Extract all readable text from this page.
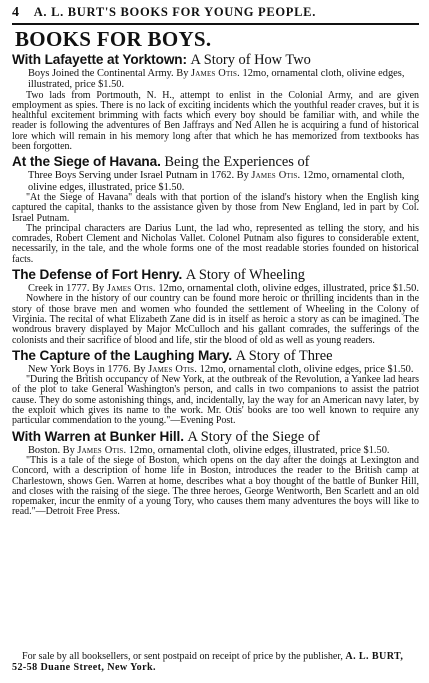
4 A. L. BURT'S BOOKS FOR YOUNG PEOPLE.
BOOKS FOR BOYS.
With Lafayette at Yorktown: A Story of How Two
Boys Joined the Continental Army. By James Otis. 12mo, ornamental cloth, olivine edges, illustrated, price $1.50.

Two lads from Portmouth, N. H., attempt to enlist in the Colonial Army, and are given employment as spies. There is no lack of exciting incidents which the youthful reader craves, but it is healthful excitement brimming with facts which every boy should be familiar with, and while the reader is following the adventures of Ben Jaffrays and Ned Allen he is acquiring a fund of historical lore which will remain in his memory long after that which he has memorized from textbooks has been forgotten.

At the Siege of Havana. Being the Experiences of
Three Boys Serving under Israel Putnam in 1762. By James Otis. 12mo, ornamental cloth, olivine edges, illustrated, price $1.50.

"At the Siege of Havana" deals with that portion of the island's history when the English king captured the capital, thanks to the assistance given by those from New England, led in part by Col. Israel Putnam.

The principal characters are Darius Lunt, the lad who, represented as telling the story, and his comrades, Robert Clement and Nicholas Vallet. Colonel Putnam also figures to considerable extent, necessarily, in the tale, and the whole forms one of the most readable stories founded on historical facts.

The Defense of Fort Henry. A Story of Wheeling
Creek in 1777. By James Otis. 12mo, ornamental cloth, olivine edges, illustrated, price $1.50.

Nowhere in the history of our country can be found more heroic or thrilling incidents than in the story of those brave men and women who founded the settlement of Wheeling in the Colony of Virginia. The recital of what Elizabeth Zane did is in itself as heroic a story as can be imagined. The wondrous bravery displayed by Major McCulloch and his gallant comrades, the sufferings of the colonists and their sacrifice of blood and life, stir the blood of old as well as young readers.

The Capture of the Laughing Mary. A Story of Three
New York Boys in 1776. By James Otis. 12mo, ornamental cloth, olivine edges, price $1.50.

"During the British occupancy of New York, at the outbreak of the Revolution, a Yankee lad hears of the plot to take General Washington's person, and calls in two companions to assist the patriot cause. They do some astonishing things, and, incidentally, lay the way for an American navy later, by the exploit which gives its name to the work. Mr. Otis' books are too well known to require any particular commendation to the young."—Evening Post.

With Warren at Bunker Hill. A Story of the Siege of
Boston. By James Otis. 12mo, ornamental cloth, olivine edges, illustrated, price $1.50.

"This is a tale of the siege of Boston, which opens on the day after the doings at Lexington and Concord, with a description of home life in Boston, introduces the reader to the British camp at Charlestown, shows Gen. Warren at home, describes what a boy thought of the battle of Bunker Hill, and closes with the raising of the siege. The three heroes, George Wentworth, Ben Scarlett and an old ropemaker, incur the enmity of a young Tory, who causes them many adventures the boys will like to read."—Detroit Free Press.

For sale by all booksellers, or sent postpaid on receipt of price by the publisher, A. L. BURT, 52-58 Duane Street, New York.
